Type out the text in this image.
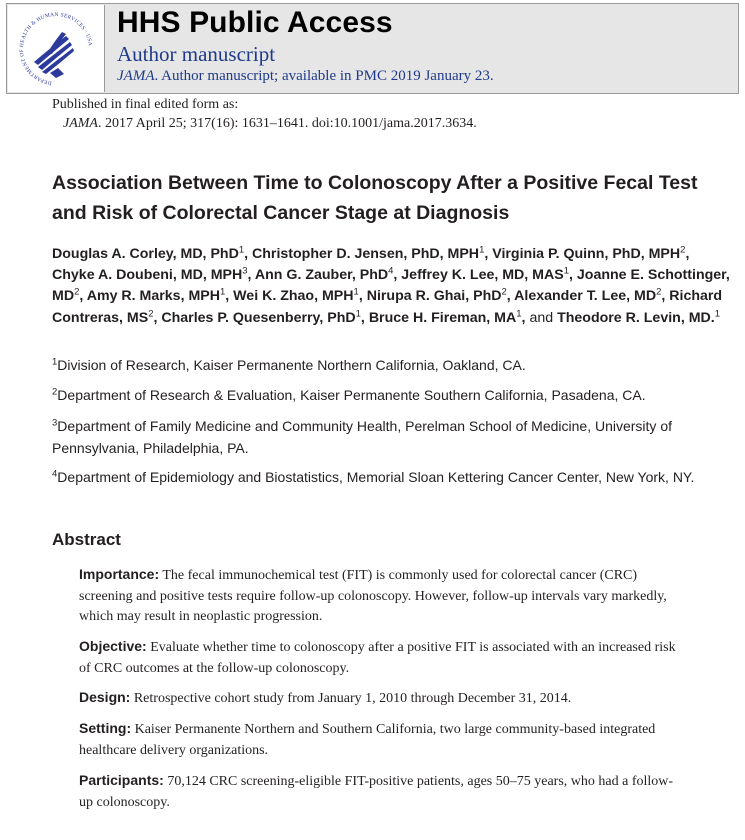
DEPARTMENT OF HEALTH & HUMAN SERVICES · USA
HHS Public Access
Author manuscript
JAMA. Author manuscript; available in PMC 2019 January 23.
Published in final edited form as:
JAMA. 2017 April 25; 317(16): 1631–1641. doi:10.1001/jama.2017.3634.
Association Between Time to Colonoscopy After a Positive Fecal Test and Risk of Colorectal Cancer Stage at Diagnosis
Douglas A. Corley, MD, PhD$^1$, Christopher D. Jensen, PhD, MPH$^1$, Virginia P. Quinn, PhD, MPH$^2$, Chyke A. Doubeni, MD, MPH$^3$, Ann G. Zauber, PhD$^4$, Jeffrey K. Lee, MD, MAS$^1$, Joanne E. Schottinger, $MD^2$, Amy R. Marks, MPH$^1$, Wei K. Zhao, MPH$^1$, Nirupa R. Ghai, PhD$^2$, Alexander T. Lee, $MD^2$, Richard Contreras, $MS^2$, Charles P. Quesenberry, PhD$^1$, Bruce H. Fireman, $MA^1$, and Theodore R. Levin, MD.$^1$
$^1$Division of Research, Kaiser Permanente Northern California, Oakland, CA.
$^2$Department of Research & Evaluation, Kaiser Permanente Southern California, Pasadena, CA.
$^3$Department of Family Medicine and Community Health, Perelman School of Medicine, University of Pennsylvania, Philadelphia, PA.
$^4$Department of Epidemiology and Biostatistics, Memorial Sloan Kettering Cancer Center, New York, NY.
Abstract
Importance: The fecal immunochemical test (FIT) is commonly used for colorectal cancer (CRC) screening and positive tests require follow-up colonoscopy. However, follow-up intervals vary markedly, which may result in neoplastic progression.
Objective: Evaluate whether time to colonoscopy after a positive FIT is associated with an increased risk of CRC outcomes at the follow-up colonoscopy.
Design: Retrospective cohort study from January 1, 2010 through December 31, 2014.
Setting: Kaiser Permanente Northern and Southern California, two large community-based integrated healthcare delivery organizations.
Participants: 70,124 CRC screening-eligible FIT-positive patients, ages 50–75 years, who had a follow-up colonoscopy.
